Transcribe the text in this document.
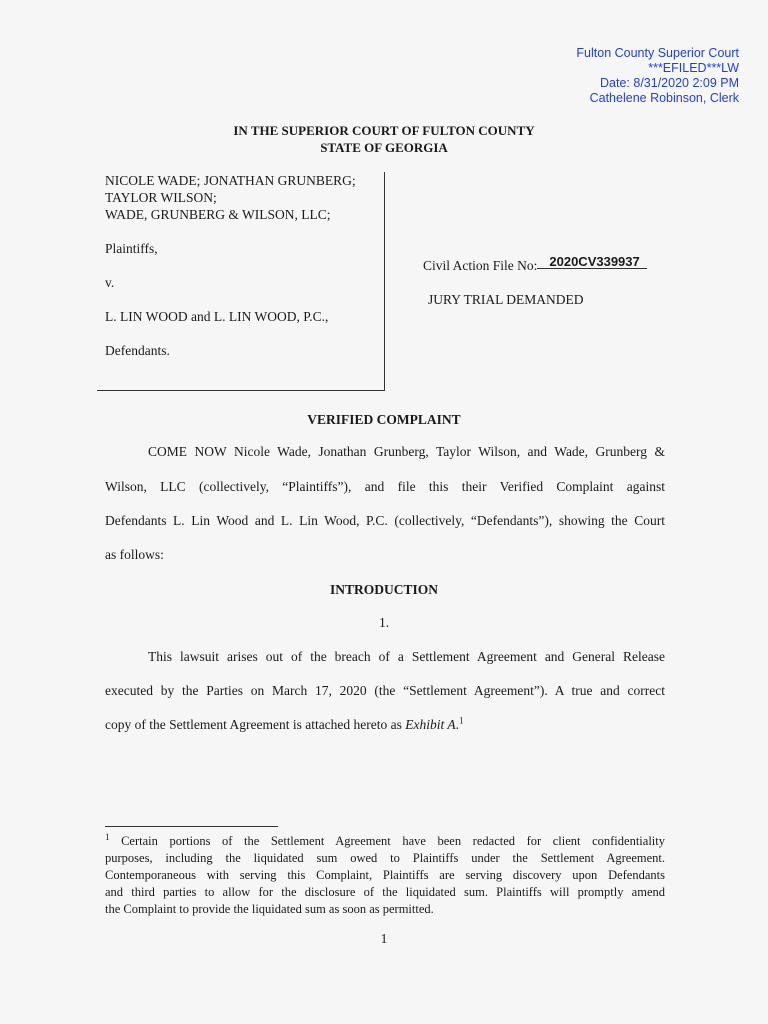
Fulton County Superior Court
***EFILED***LW
Date: 8/31/2020 2:09 PM
Cathelene Robinson, Clerk
IN THE SUPERIOR COURT OF FULTON COUNTY
STATE OF GEORGIA
NICOLE WADE; JONATHAN GRUNBERG;
TAYLOR WILSON;
WADE, GRUNBERG & WILSON, LLC;
Plaintiffs,
v.
L. LIN WOOD and L. LIN WOOD, P.C.,
Defendants.
Civil Action File No: 2020CV339937
JURY TRIAL DEMANDED
VERIFIED COMPLAINT
COME NOW Nicole Wade, Jonathan Grunberg, Taylor Wilson, and Wade, Grunberg &
Wilson, LLC (collectively, “Plaintiffs”), and file this their Verified Complaint against
Defendants L. Lin Wood and L. Lin Wood, P.C. (collectively, “Defendants”), showing the Court
as follows:
INTRODUCTION
1.
This lawsuit arises out of the breach of a Settlement Agreement and General Release
executed by the Parties on March 17, 2020 (the “Settlement Agreement”). A true and correct
copy of the Settlement Agreement is attached hereto as Exhibit A.$^1$
$^1$ Certain portions of the Settlement Agreement have been redacted for client confidentiality
purposes, including the liquidated sum owed to Plaintiffs under the Settlement Agreement.
Contemporaneous with serving this Complaint, Plaintiffs are serving discovery upon Defendants
and third parties to allow for the disclosure of the liquidated sum. Plaintiffs will promptly amend
the Complaint to provide the liquidated sum as soon as permitted.
1
